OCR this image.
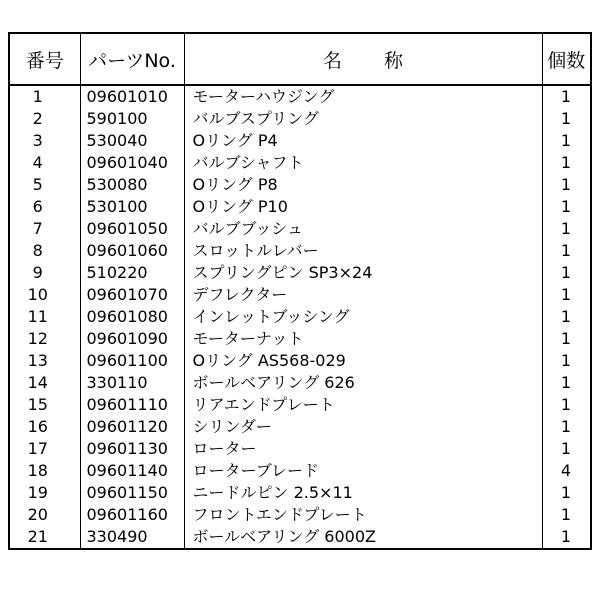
番号	パーツNo.	名 称	個数
1	09601010	モーターハウジング	1
2	590100	バルブスプリング	1
3	530040	Oリング P4	1
4	09601040	バルブシャフト	1
5	530080	Oリング P8	1
6	530100	Oリング P10	1
7	09601050	バルブブッシュ	1
8	09601060	スロットルレバー	1
9	510220	スプリングピン SP3×24	1
10	09601070	デフレクター	1
11	09601080	インレットブッシング	1
12	09601090	モーターナット	1
13	09601100	Oリング AS568-029	1
14	330110	ボールベアリング 626	1
15	09601110	リアエンドプレート	1
16	09601120	シリンダー	1
17	09601130	ローター	1
18	09601140	ローターブレード	4
19	09601150	ニードルピン 2.5×11	1
20	09601160	フロントエンドプレート	1
21	330490	ボールベアリング 6000Z	1
